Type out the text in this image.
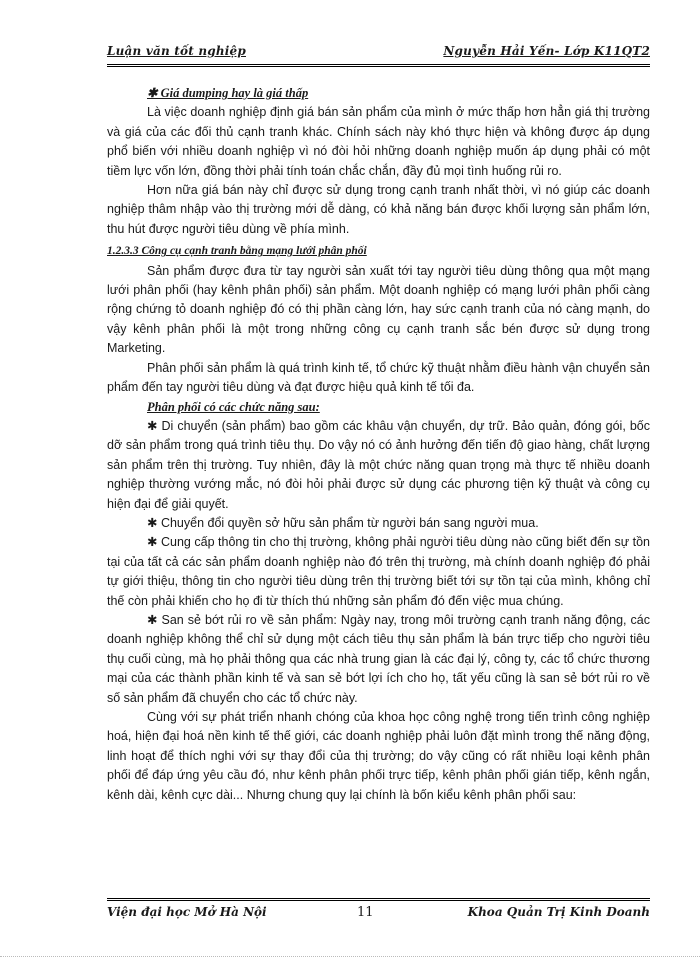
Luận văn tốt nghiệp	Nguyễn Hải Yến- Lớp K11QT2

✱ Giá dumping hay là giá thấp

Là việc doanh nghiệp định giá bán sản phẩm của mình ở mức thấp hơn hẳn giá thị trường và giá của các đối thủ cạnh tranh khác. Chính sách này khó thực hiện và không được áp dụng phổ biến với nhiều doanh nghiệp vì nó đòi hỏi những doanh nghiệp muốn áp dụng phải có một tiềm lực vốn lớn, đồng thời phải tính toán chắc chắn, đầy đủ mọi tình huống rủi ro.

Hơn nữa giá bán này chỉ được sử dụng trong cạnh tranh nhất thời, vì nó giúp các doanh nghiệp thâm nhập vào thị trường mới dễ dàng, có khả năng bán được khối lượng sản phẩm lớn, thu hút được người tiêu dùng về phía mình.

1.2.3.3 Công cụ cạnh tranh bằng mạng lưới phân phối

Sản phẩm được đưa từ tay người sản xuất tới tay người tiêu dùng thông qua một mạng lưới phân phối (hay kênh phân phối) sản phẩm. Một doanh nghiệp có mạng lưới phân phối càng rộng chứng tỏ doanh nghiệp đó có thị phần càng lớn, hay sức cạnh tranh của nó càng mạnh, do vậy kênh phân phối là một trong những công cụ cạnh tranh sắc bén được sử dụng trong Marketing.

Phân phối sản phẩm là quá trình kinh tế, tổ chức kỹ thuật nhằm điều hành vận chuyển sản phẩm đến tay người tiêu dùng và đạt được hiệu quả kinh tế tối đa.

Phân phối có các chức năng sau:

✱ Di chuyển (sản phẩm) bao gồm các khâu vận chuyển, dự trữ. Bảo quản, đóng gói, bốc dỡ sản phẩm trong quá trình tiêu thụ. Do vậy nó có ảnh hưởng đến tiến độ giao hàng, chất lượng sản phẩm trên thị trường. Tuy nhiên, đây là một chức năng quan trọng mà thực tế nhiều doanh nghiệp thường vướng mắc, nó đòi hỏi phải được sử dụng các phương tiện kỹ thuật và công cụ hiện đại để giải quyết.

✱ Chuyển đổi quyền sở hữu sản phẩm từ người bán sang người mua.

✱ Cung cấp thông tin cho thị trường, không phải người tiêu dùng nào cũng biết đến sự tồn tại của tất cả các sản phẩm doanh nghiệp nào đó trên thị trường, mà chính doanh nghiệp đó phải tự giới thiệu, thông tin cho người tiêu dùng trên thị trường biết tới sự tồn tại của mình, không chỉ thế còn phải khiến cho họ đi từ thích thú những sản phẩm đó đến việc mua chúng.

✱ San sẻ bớt rủi ro về sản phẩm: Ngày nay, trong môi trường cạnh tranh năng động, các doanh nghiệp không thể chỉ sử dụng một cách tiêu thụ sản phẩm là bán trực tiếp cho người tiêu thụ cuối cùng, mà họ phải thông qua các nhà trung gian là các đại lý, công ty, các tổ chức thương mại của các thành phần kinh tế và san sẻ bớt lợi ích cho họ, tất yếu cũng là san sẻ bớt rủi ro về số sản phẩm đã chuyển cho các tổ chức này.

Cùng với sự phát triển nhanh chóng của khoa học công nghệ trong tiến trình công nghiệp hoá, hiện đại hoá nền kinh tế thế giới, các doanh nghiệp phải luôn đặt mình trong thế năng động, linh hoạt để thích nghi với sự thay đổi của thị trường; do vậy cũng có rất nhiều loại kênh phân phối để đáp ứng yêu cầu đó, như kênh phân phối trực tiếp, kênh phân phối gián tiếp, kênh ngắn, kênh dài, kênh cực dài... Nhưng chung quy lại chính là bốn kiểu kênh phân phối sau:

Viện đại học Mở Hà Nội	11	Khoa Quản Trị Kinh Doanh
